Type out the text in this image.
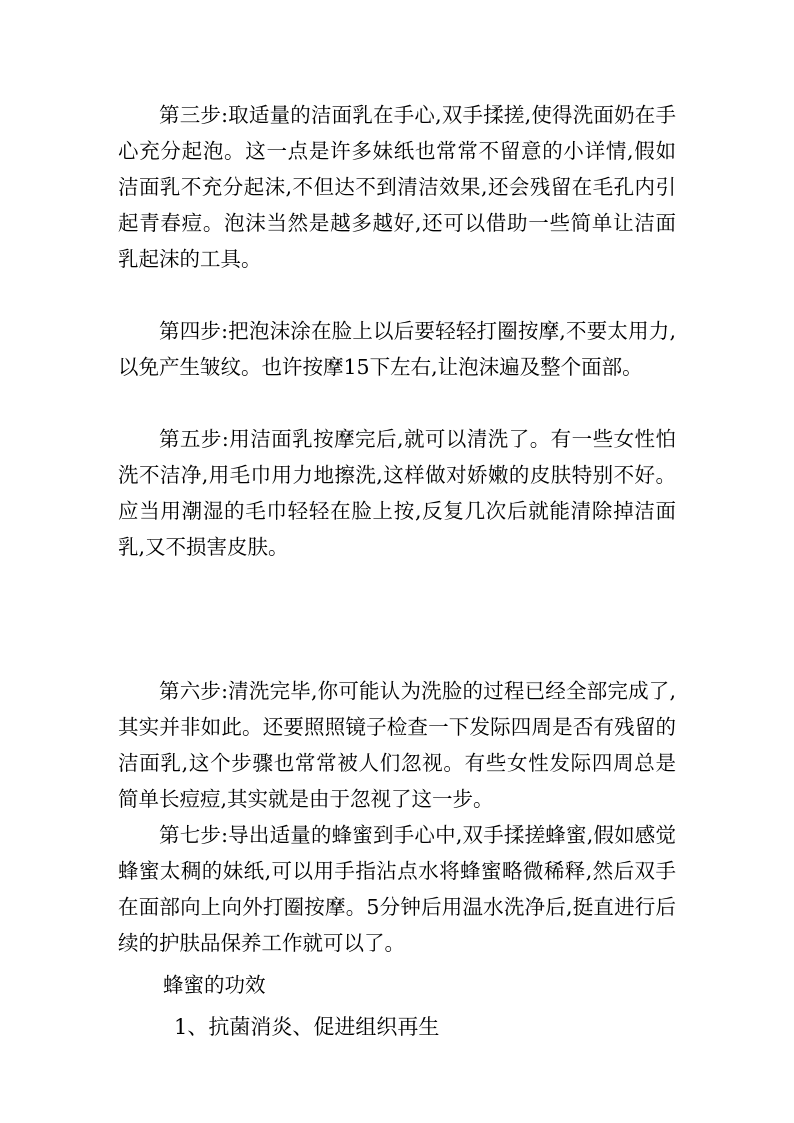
第三步:取适量的洁面乳在手心,双手揉搓,使得洗面奶在手心充分起泡。这一点是许多妹纸也常常不留意的小详情,假如洁面乳不充分起沫,不但达不到清洁效果,还会残留在毛孔内引起青春痘。泡沫当然是越多越好,还可以借助一些简单让洁面乳起沫的工具。

第四步:把泡沫涂在脸上以后要轻轻打圈按摩,不要太用力,以免产生皱纹。也许按摩15下左右,让泡沫遍及整个面部。

第五步:用洁面乳按摩完后,就可以清洗了。有一些女性怕洗不洁净,用毛巾用力地擦洗,这样做对娇嫩的皮肤特别不好。应当用潮湿的毛巾轻轻在脸上按,反复几次后就能清除掉洁面乳,又不损害皮肤。

第六步:清洗完毕,你可能认为洗脸的过程已经全部完成了,其实并非如此。还要照照镜子检查一下发际四周是否有残留的洁面乳,这个步骤也常常被人们忽视。有些女性发际四周总是简单长痘痘,其实就是由于忽视了这一步。

第七步:导出适量的蜂蜜到手心中,双手揉搓蜂蜜,假如感觉蜂蜜太稠的妹纸,可以用手指沾点水将蜂蜜略微稀释,然后双手在面部向上向外打圈按摩。5分钟后用温水洗净后,挺直进行后续的护肤品保养工作就可以了。

蜂蜜的功效

1、抗菌消炎、促进组织再生
